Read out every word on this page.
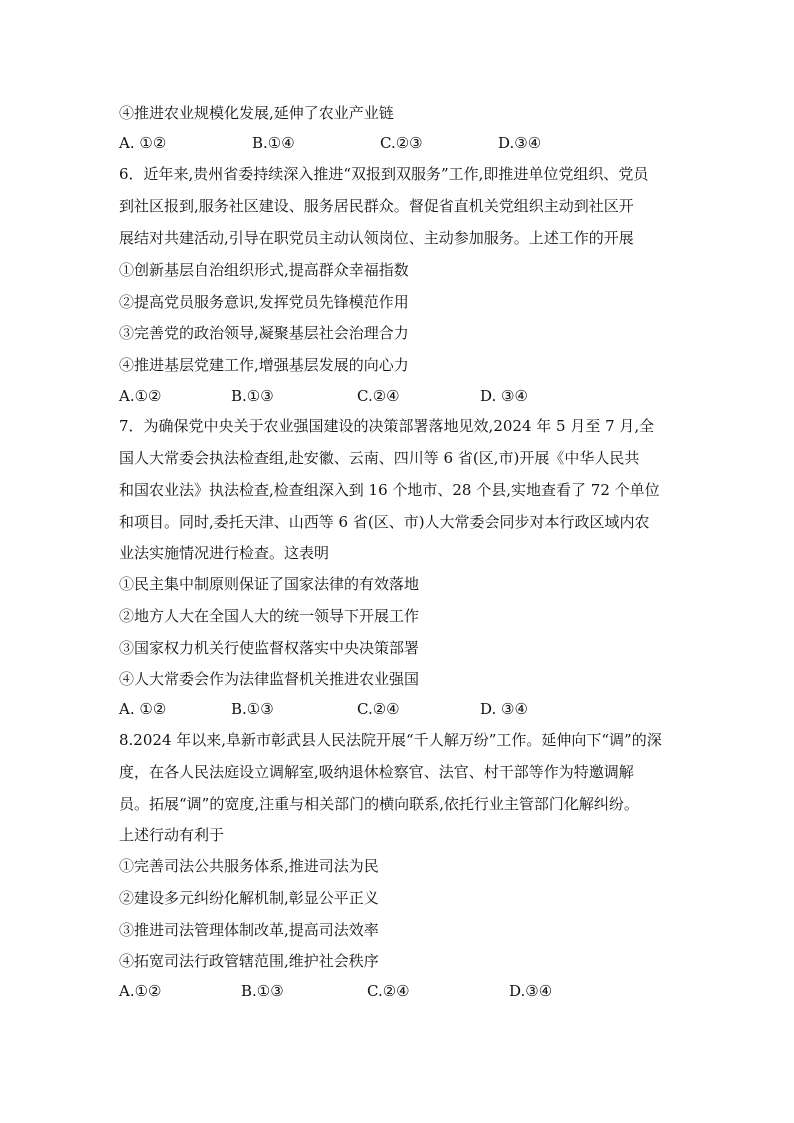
④推进农业规模化发展,延伸了农业产业链
A. ①②	B.①④	C.②③	D.③④
6．近年来,贵州省委持续深入推进“双报到双服务”工作,即推进单位党组织、党员
到社区报到,服务社区建设、服务居民群众。督促省直机关党组织主动到社区开
展结对共建活动,引导在职党员主动认领岗位、主动参加服务。上述工作的开展
①创新基层自治组织形式,提高群众幸福指数
②提高党员服务意识,发挥党员先锋模范作用
③完善党的政治领导,凝聚基层社会治理合力
④推进基层党建工作,增强基层发展的向心力
A.①②	B.①③	C.②④	D. ③④
7．为确保党中央关于农业强国建设的决策部署落地见效,2024 年 5 月至 7 月,全
国人大常委会执法检查组,赴安徽、云南、四川等 6 省(区,市)开展《中华人民共
和国农业法》执法检查,检查组深入到 16 个地市、28 个县,实地查看了 72 个单位
和项目。同时,委托天津、山西等 6 省(区、市)人大常委会同步对本行政区域内农
业法实施情况进行检查。这表明
①民主集中制原则保证了国家法律的有效落地
②地方人大在全国人大的统一领导下开展工作
③国家权力机关行使监督权落实中央决策部署
④人大常委会作为法律监督机关推进农业强国
A. ①②	B.①③	C.②④	D. ③④
8.2024 年以来,阜新市彰武县人民法院开展“千人解万纷”工作。延伸向下“调”的深
度，在各人民法庭设立调解室,吸纳退休检察官、法官、村干部等作为特邀调解
员。拓展“调”的宽度,注重与相关部门的横向联系,依托行业主管部门化解纠纷。
上述行动有利于
①完善司法公共服务体系,推进司法为民
②建设多元纠纷化解机制,彰显公平正义
③推进司法管理体制改革,提高司法效率
④拓宽司法行政管辖范围,维护社会秩序
A.①②	B.①③	C.②④	D.③④
